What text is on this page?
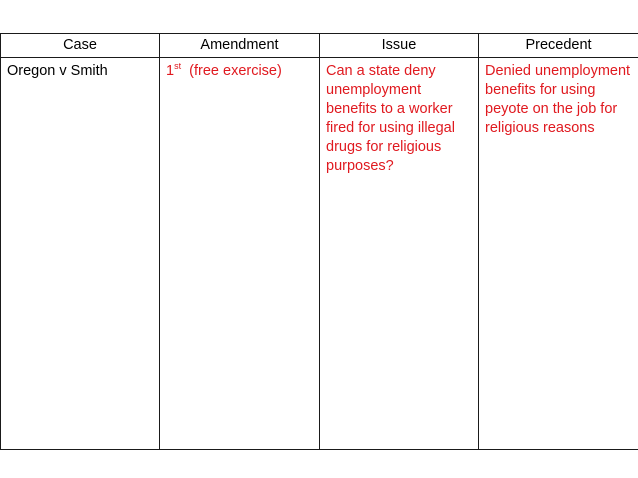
Case	Amendment	Issue	Precedent
Oregon v Smith	1st (free exercise)	Can a state deny unemployment benefits to a worker fired for using illegal drugs for religious purposes?	Denied unemployment benefits for using peyote on the job for religious reasons
